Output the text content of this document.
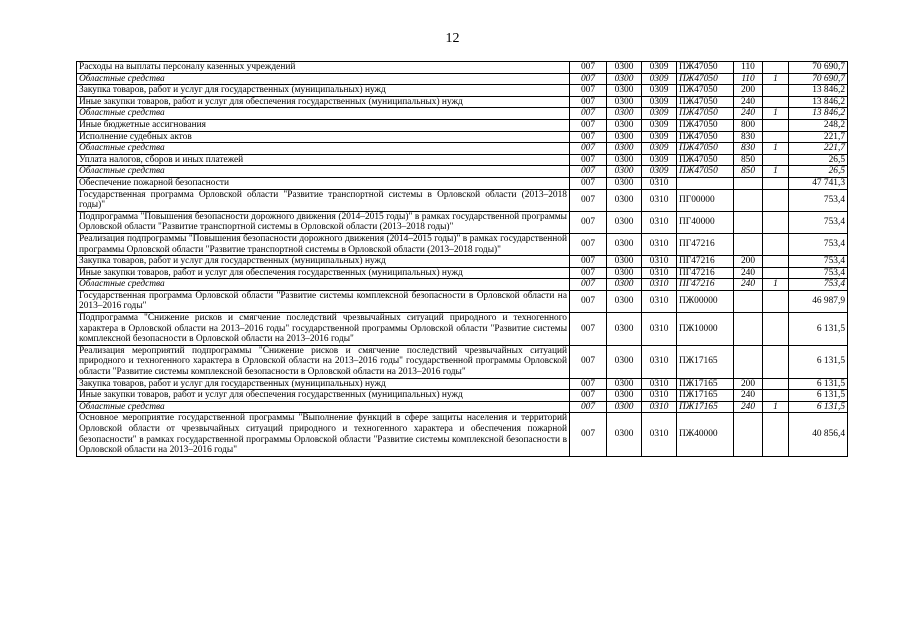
12
Расходы на выплаты персоналу казенных учреждений	007	0300	0309	ПЖ47050	110		70 690,7
Областные средства	007	0300	0309	ПЖ47050	110	1	70 690,7
Закупка товаров, работ и услуг для государственных (муниципальных) нужд	007	0300	0309	ПЖ47050	200		13 846,2
Иные закупки товаров, работ и услуг для обеспечения государственных (муниципальных) нужд	007	0300	0309	ПЖ47050	240		13 846,2
Областные средства	007	0300	0309	ПЖ47050	240	1	13 846,2
Иные бюджетные ассигнования	007	0300	0309	ПЖ47050	800		248,2
Исполнение судебных актов	007	0300	0309	ПЖ47050	830		221,7
Областные средства	007	0300	0309	ПЖ47050	830	1	221,7
Уплата налогов, сборов и иных платежей	007	0300	0309	ПЖ47050	850		26,5
Областные средства	007	0300	0309	ПЖ47050	850	1	26,5
Обеспечение пожарной безопасности	007	0300	0310				47 741,3
Государственная программа Орловской области "Развитие транспортной системы в Орловской области (2013–2018 годы)"	007	0300	0310	ПГ00000			753,4
Подпрограмма "Повышения безопасности дорожного движения (2014–2015 годы)" в рамках государственной программы Орловской области "Развитие транспортной системы в Орловской области (2013–2018 годы)"	007	0300	0310	ПГ40000			753,4
Реализация подпрограммы "Повышения безопасности дорожного движения (2014–2015 годы)" в рамках государственной программы Орловской области "Развитие транспортной системы в Орловской области (2013–2018 годы)"	007	0300	0310	ПГ47216			753,4
Закупка товаров, работ и услуг для государственных (муниципальных) нужд	007	0300	0310	ПГ47216	200		753,4
Иные закупки товаров, работ и услуг для обеспечения государственных (муниципальных) нужд	007	0300	0310	ПГ47216	240		753,4
Областные средства	007	0300	0310	ПГ47216	240	1	753,4
Государственная программа Орловской области "Развитие системы комплексной безопасности в Орловской области на 2013–2016 годы"	007	0300	0310	ПЖ00000			46 987,9
Подпрограмма "Снижение рисков и смягчение последствий чрезвычайных ситуаций природного и техногенного характера в Орловской области на 2013–2016 годы" государственной программы Орловской области "Развитие системы комплексной безопасности в Орловской области на 2013–2016 годы"	007	0300	0310	ПЖ10000			6 131,5
Реализация мероприятий подпрограммы "Снижение рисков и смягчение последствий чрезвычайных ситуаций природного и техногенного характера в Орловской области на 2013–2016 годы" государственной программы Орловской области "Развитие системы комплексной безопасности в Орловской области на 2013–2016 годы"	007	0300	0310	ПЖ17165			6 131,5
Закупка товаров, работ и услуг для государственных (муниципальных) нужд	007	0300	0310	ПЖ17165	200		6 131,5
Иные закупки товаров, работ и услуг для обеспечения государственных (муниципальных) нужд	007	0300	0310	ПЖ17165	240		6 131,5
Областные средства	007	0300	0310	ПЖ17165	240	1	6 131,5
Основное мероприятие государственной программы "Выполнение функций в сфере защиты населения и территорий Орловской области от чрезвычайных ситуаций природного и техногенного характера и обеспечения пожарной безопасности" в рамках государственной программы Орловской области "Развитие системы комплексной безопасности в Орловской области на 2013–2016 годы"	007	0300	0310	ПЖ40000			40 856,4
